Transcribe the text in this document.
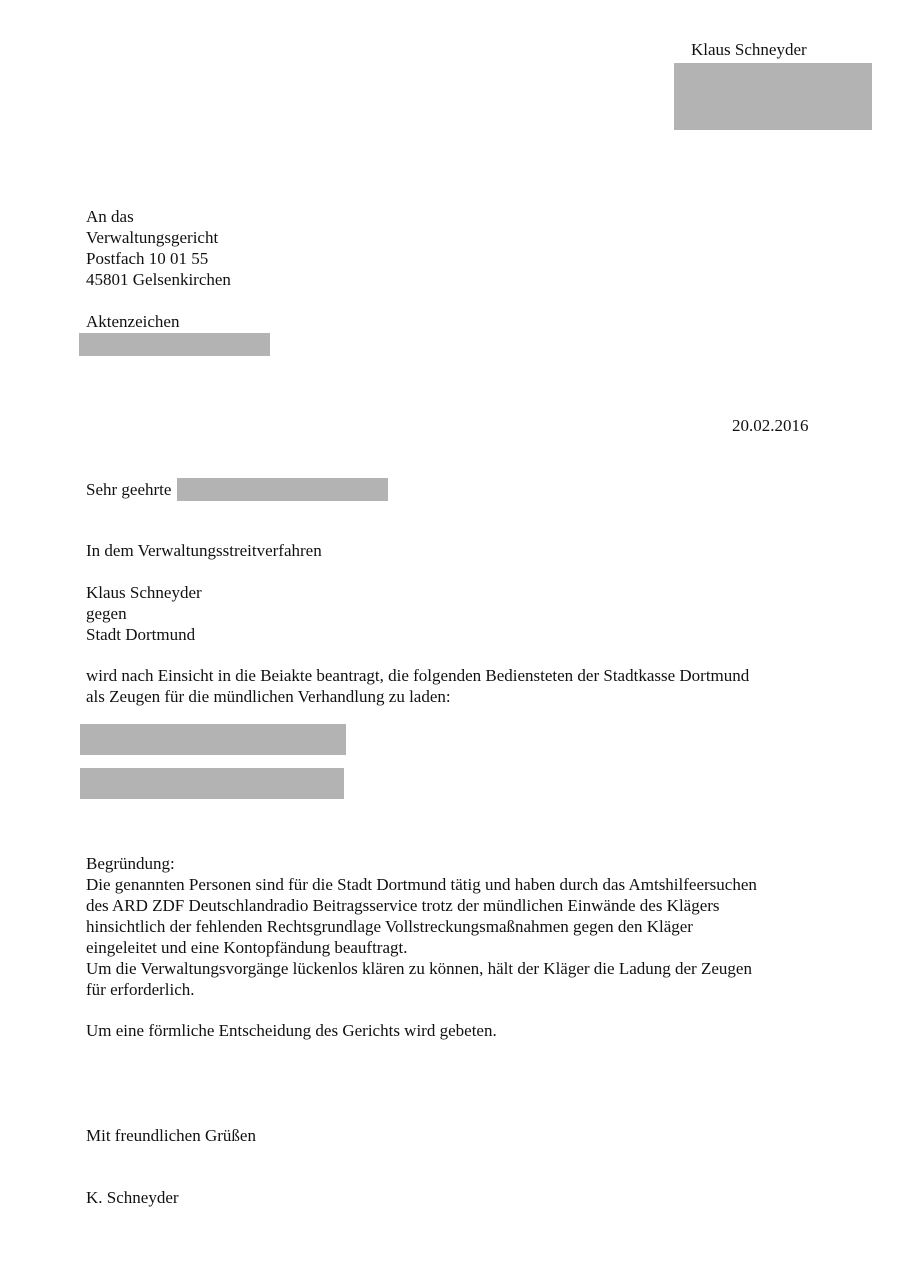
Klaus Schneyder
An das
Verwaltungsgericht
Postfach 10 01 55
45801 Gelsenkirchen
Aktenzeichen
20.02.2016
Sehr geehrte
In dem Verwaltungsstreitverfahren
Klaus Schneyder
gegen
Stadt Dortmund
wird nach Einsicht in die Beiakte beantragt, die folgenden Bediensteten der Stadtkasse Dortmund
als Zeugen für die mündlichen Verhandlung zu laden:
Begründung:
Die genannten Personen sind für die Stadt Dortmund tätig und haben durch das Amtshilfeersuchen
des ARD ZDF Deutschlandradio Beitragsservice trotz der mündlichen Einwände des Klägers
hinsichtlich der fehlenden Rechtsgrundlage Vollstreckungsmaßnahmen gegen den Kläger
eingeleitet und eine Kontopfändung beauftragt.
Um die Verwaltungsvorgänge lückenlos klären zu können, hält der Kläger die Ladung der Zeugen
für erforderlich.
Um eine förmliche Entscheidung des Gerichts wird gebeten.
Mit freundlichen Grüßen
K. Schneyder
